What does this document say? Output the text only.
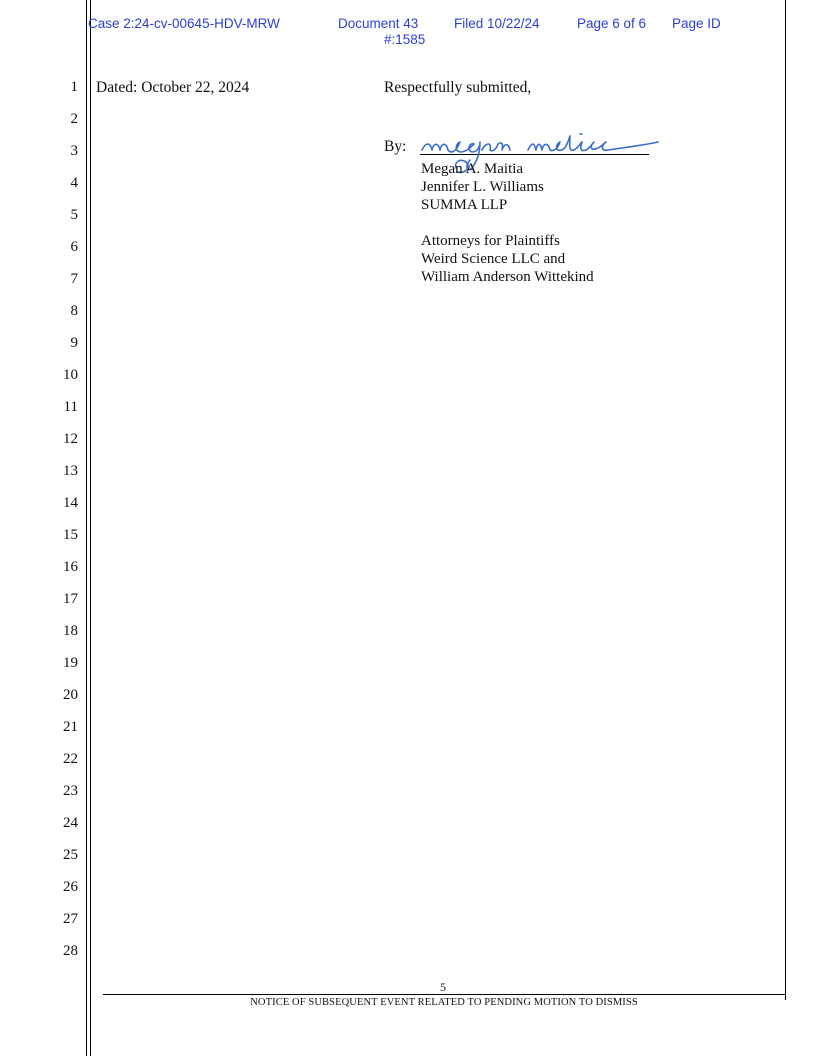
Case 2:24-cv-00645-HDV-MRW	Document 43
#:1585
Filed 10/22/24	Page 6 of 6 Page ID
1
2
3
4
5
6
7
8
9
10
11
12
13
14
15
16
17
18
19
20
21
22
23
24
25
26
27
28
Dated: October 22, 2024	Respectfully submitted,
By:
Megan A. Maitia
Jennifer L. Williams
SUMMA LLP
Attorneys for Plaintiffs
Weird Science LLC and
William Anderson Wittekind
5
NOTICE OF SUBSEQUENT EVENT RELATED TO PENDING MOTION TO DISMISS
